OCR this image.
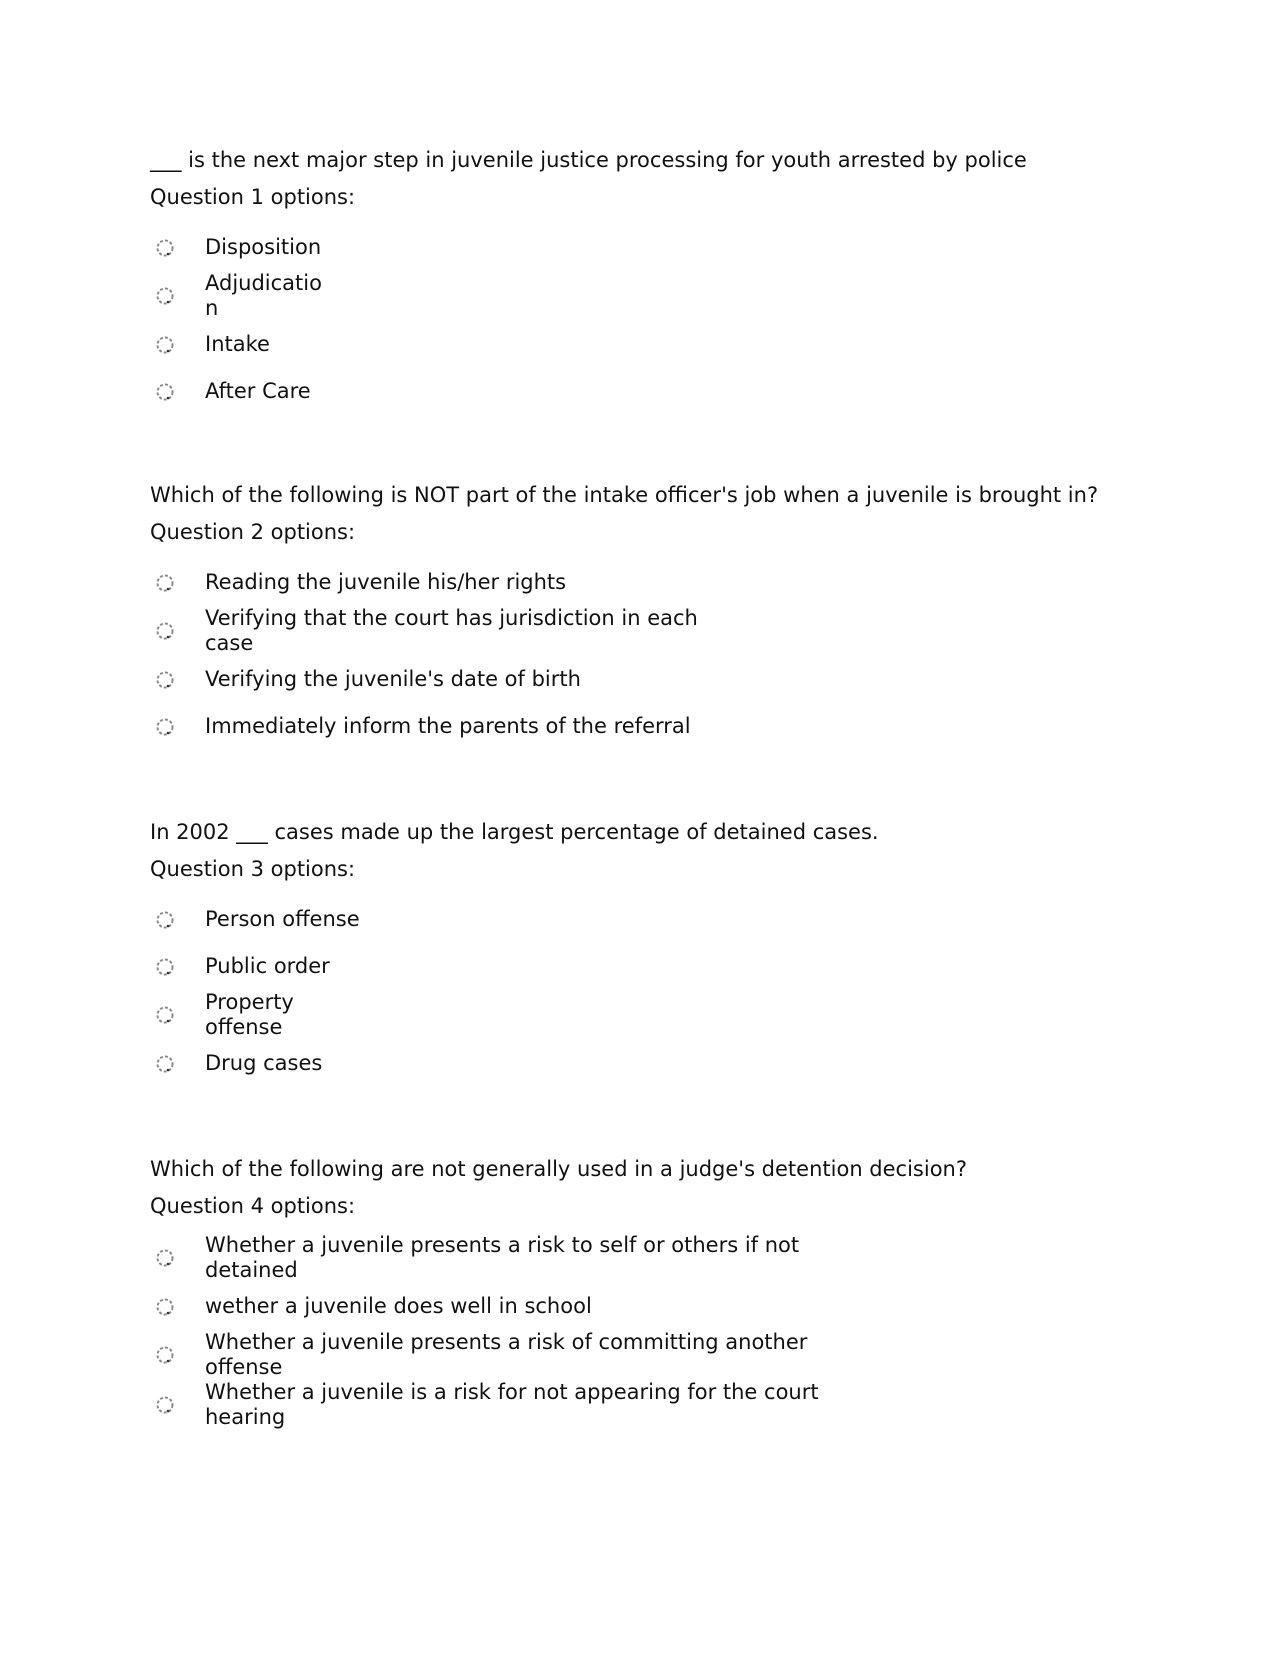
___ is the next major step in juvenile justice processing for youth arrested by police

Question 1 options:

Disposition
Adjudication
Intake
After Care

Which of the following is NOT part of the intake officer's job when a juvenile is brought in?

Question 2 options:

Reading the juvenile his/her rights
Verifying that the court has jurisdiction in each case
Verifying the juvenile's date of birth
Immediately inform the parents of the referral

In 2002 ___ cases made up the largest percentage of detained cases.

Question 3 options:

Person offense
Public order
Property offense
Drug cases

Which of the following are not generally used in a judge's detention decision?

Question 4 options:

Whether a juvenile presents a risk to self or others if not detained
wether a juvenile does well in school
Whether a juvenile presents a risk of committing another offense
Whether a juvenile is a risk for not appearing for the court hearing
